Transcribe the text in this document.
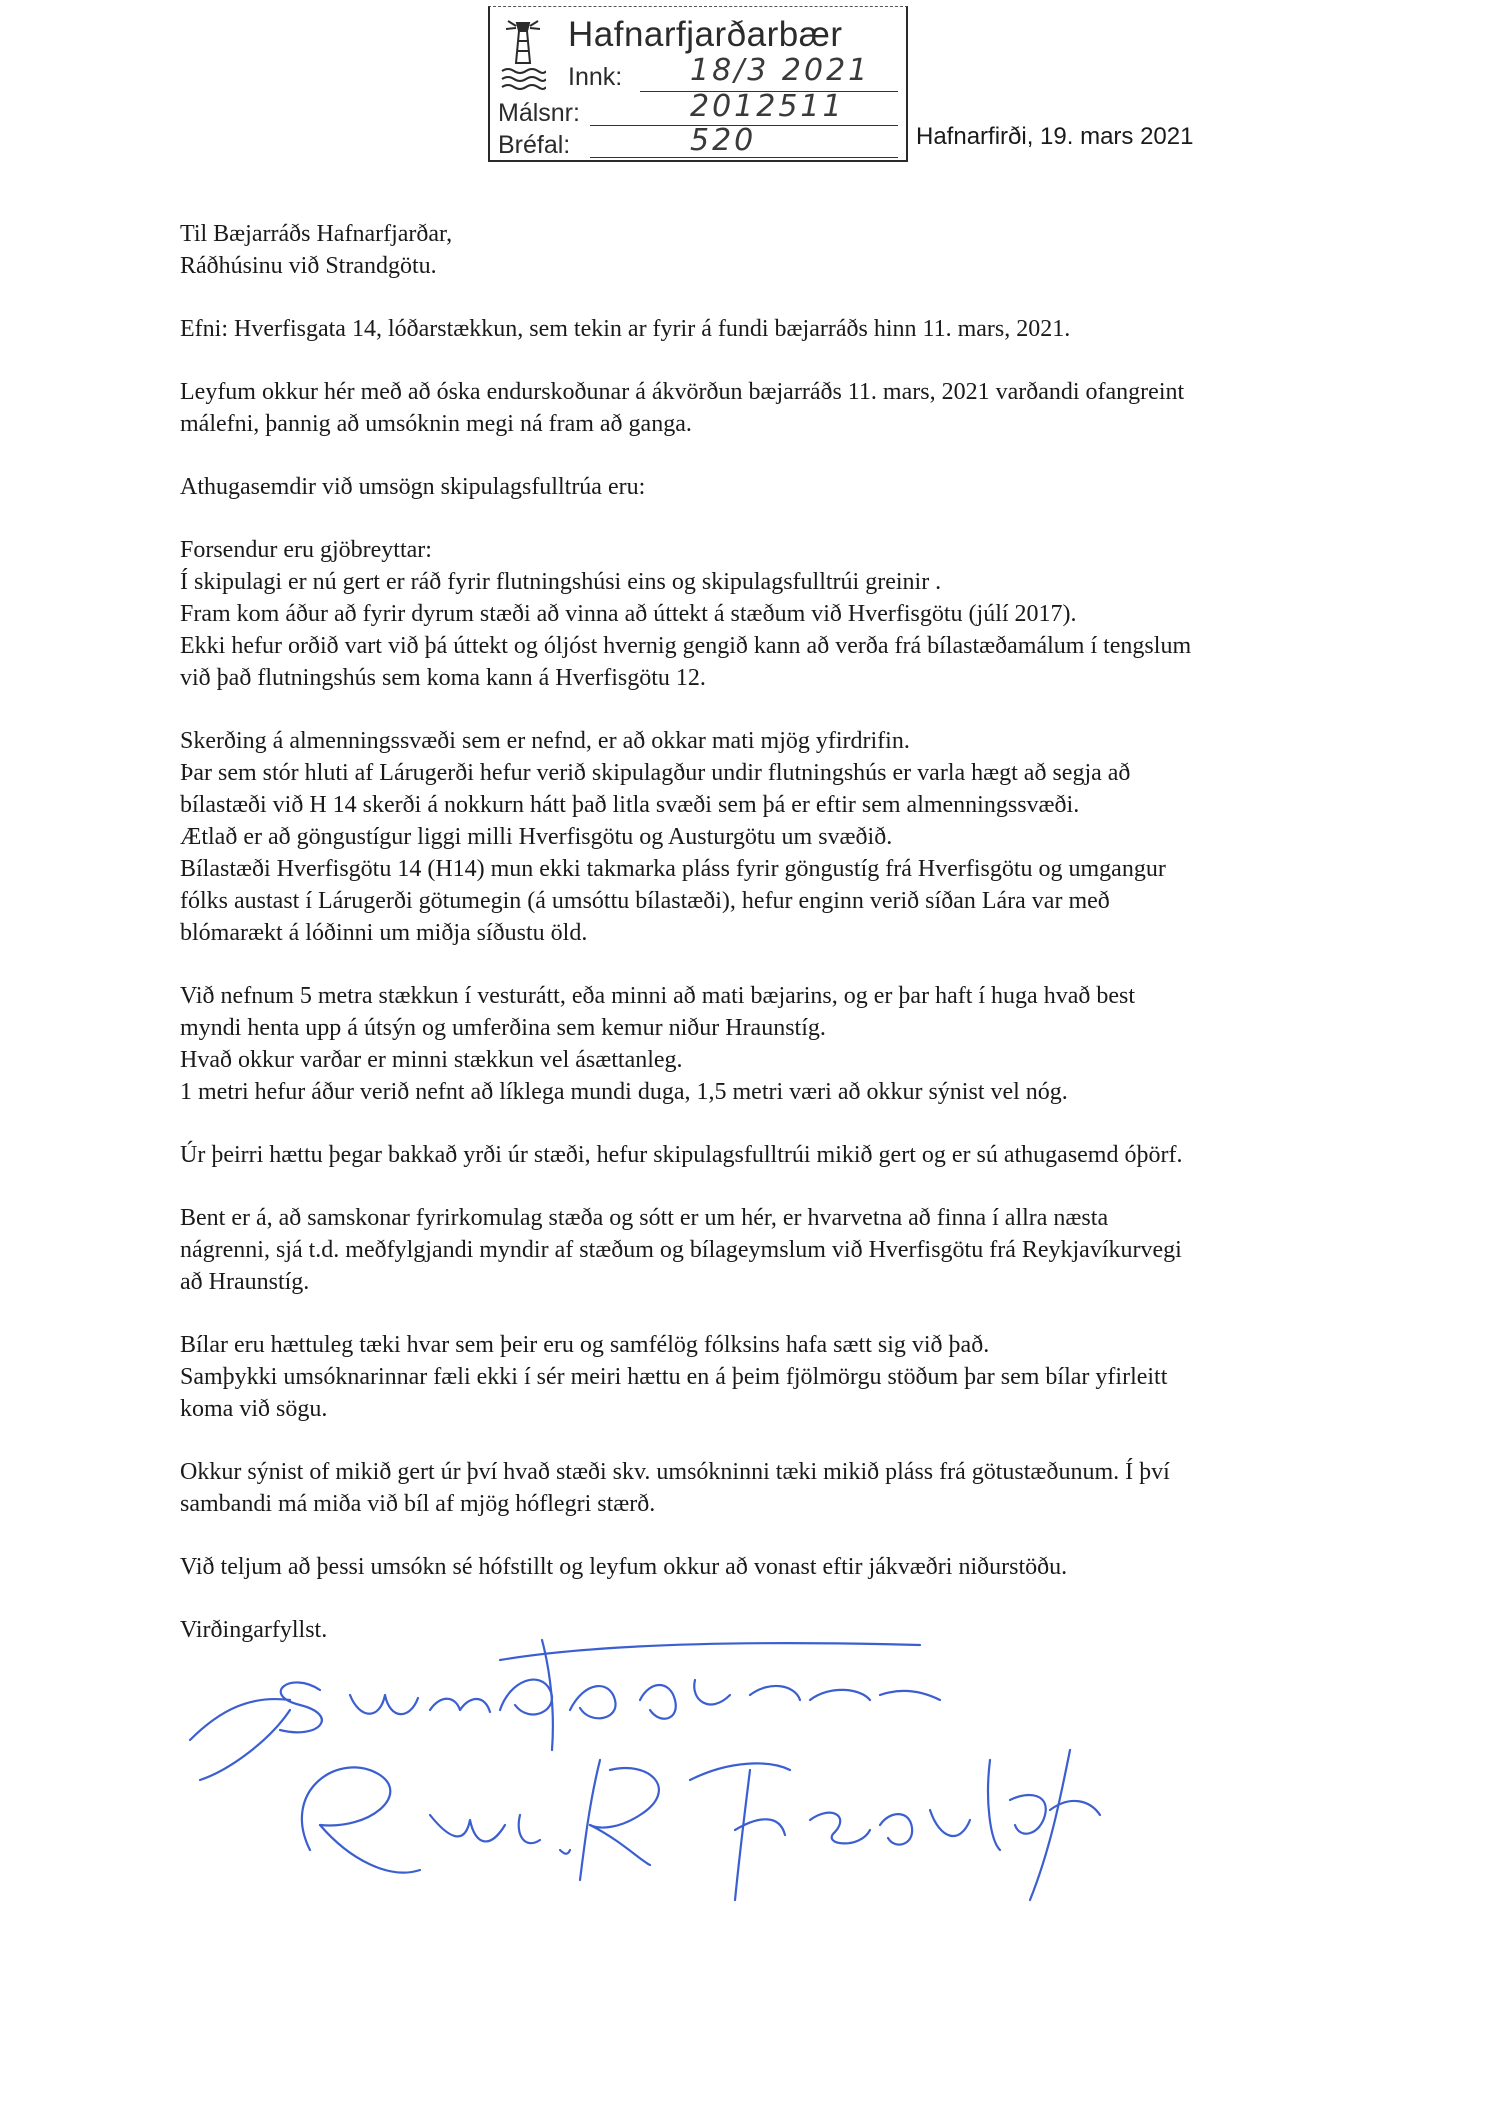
Hafnarfjarðarbær
Innk: 18/3 2021
Málsnr:	2012511
Bréfal:	520	Hafnarfirði, 19. mars 2021

Til Bæjarráðs Hafnarfjarðar,
Ráðhúsinu við Strandgötu.

Efni: Hverfisgata 14, lóðarstækkun, sem tekin ar fyrir á fundi bæjarráðs hinn 11. mars, 2021.

Leyfum okkur hér með að óska endurskoðunar á ákvörðun bæjarráðs 11. mars, 2021 varðandi ofangreint
málefni, þannig að umsóknin megi ná fram að ganga.

Athugasemdir við umsögn skipulagsfulltrúa eru:

Forsendur eru gjöbreyttar:
Í skipulagi er nú gert er ráð fyrir flutningshúsi eins og skipulagsfulltrúi greinir .
Fram kom áður að fyrir dyrum stæði að vinna að úttekt á stæðum við Hverfisgötu (júlí 2017).
Ekki hefur orðið vart við þá úttekt og óljóst hvernig gengið kann að verða frá bílastæðamálum í tengslum
við það flutningshús sem koma kann á Hverfisgötu 12.

Skerðing á almenningssvæði sem er nefnd, er að okkar mati mjög yfirdrifin.
Þar sem stór hluti af Lárugerði hefur verið skipulagður undir flutningshús er varla hægt að segja að
bílastæði við H 14 skerði á nokkurn hátt það litla svæði sem þá er eftir sem almenningssvæði.
Ætlað er að göngustígur liggi milli Hverfisgötu og Austurgötu um svæðið.
Bílastæði Hverfisgötu 14 (H14) mun ekki takmarka pláss fyrir göngustíg frá Hverfisgötu og umgangur
fólks austast í Lárugerði götumegin (á umsóttu bílastæði), hefur enginn verið síðan Lára var með
blómarækt á lóðinni um miðja síðustu öld.

Við nefnum 5 metra stækkun í vesturátt, eða minni að mati bæjarins, og er þar haft í huga hvað best
myndi henta upp á útsýn og umferðina sem kemur niður Hraunstíg.
Hvað okkur varðar er minni stækkun vel ásættanleg.
1 metri hefur áður verið nefnt að líklega mundi duga, 1,5 metri væri að okkur sýnist vel nóg.

Úr þeirri hættu þegar bakkað yrði úr stæði, hefur skipulagsfulltrúi mikið gert og er sú athugasemd óþörf.

Bent er á, að samskonar fyrirkomulag stæða og sótt er um hér, er hvarvetna að finna í allra næsta
nágrenni, sjá t.d. meðfylgjandi myndir af stæðum og bílageymslum við Hverfisgötu frá Reykjavíkurvegi
að Hraunstíg.

Bílar eru hættuleg tæki hvar sem þeir eru og samfélög fólksins hafa sætt sig við það.
Samþykki umsóknarinnar fæli ekki í sér meiri hættu en á þeim fjölmörgu stöðum þar sem bílar yfirleitt
koma við sögu.

Okkur sýnist of mikið gert úr því hvað stæði skv. umsókninni tæki mikið pláss frá götustæðunum. Í því
sambandi má miða við bíl af mjög hóflegri stærð.

Við teljum að þessi umsókn sé hófstillt og leyfum okkur að vonast eftir jákvæðri niðurstöðu.

Virðingarfyllst.
